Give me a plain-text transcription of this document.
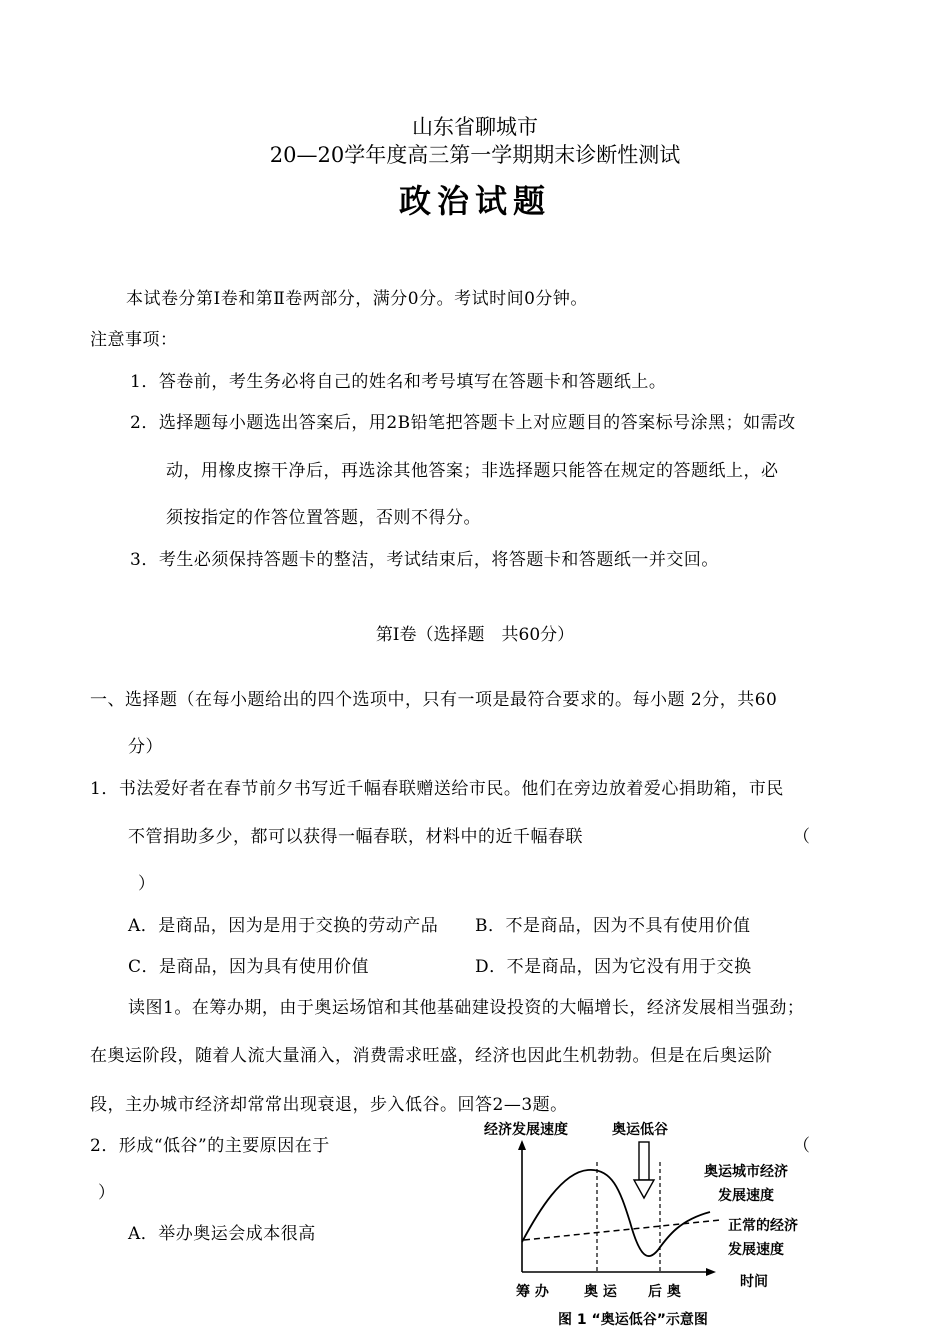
山东省聊城市
20—20学年度高三第一学期期末诊断性测试
政治试题
本试卷分第Ⅰ卷和第Ⅱ卷两部分，满分0分。考试时间0分钟。
注意事项：
1．答卷前，考生务必将自己的姓名和考号填写在答题卡和答题纸上。
2．选择题每小题选出答案后，用2B铅笔把答题卡上对应题目的答案标号涂黑；如需改
动，用橡皮擦干净后，再选涂其他答案；非选择题只能答在规定的答题纸上，必
须按指定的作答位置答题，否则不得分。
3．考生必须保持答题卡的整洁，考试结束后，将答题卡和答题纸一并交回。
第Ⅰ卷（选择题　共60分）
一、选择题（在每小题给出的四个选项中，只有一项是最符合要求的。每小题 2分，共60
分）
1．书法爱好者在春节前夕书写近千幅春联赠送给市民。他们在旁边放着爱心捐助箱，市民
不管捐助多少，都可以获得一幅春联，材料中的近千幅春联	（
）
A．是商品，因为是用于交换的劳动产品 B．不是商品，因为不具有使用价值
C．是商品，因为具有使用价值	D．不是商品，因为它没有用于交换
读图1。在筹办期，由于奥运场馆和其他基础建设投资的大幅增长，经济发展相当强劲；
在奥运阶段，随着人流大量涌入，消费需求旺盛，经济也因此生机勃勃。但是在后奥运阶
段，主办城市经济却常常出现衰退，步入低谷。回答2—3题。
2．形成“低谷”的主要原因在于	（
）
A．举办奥运会成本很高
经济发展速度	奥运低谷
奥运城市经济
发展速度
正常的经济
发展速度
时间
筹 办	奥 运 后 奥
图 1 “奥运低谷”示意图
